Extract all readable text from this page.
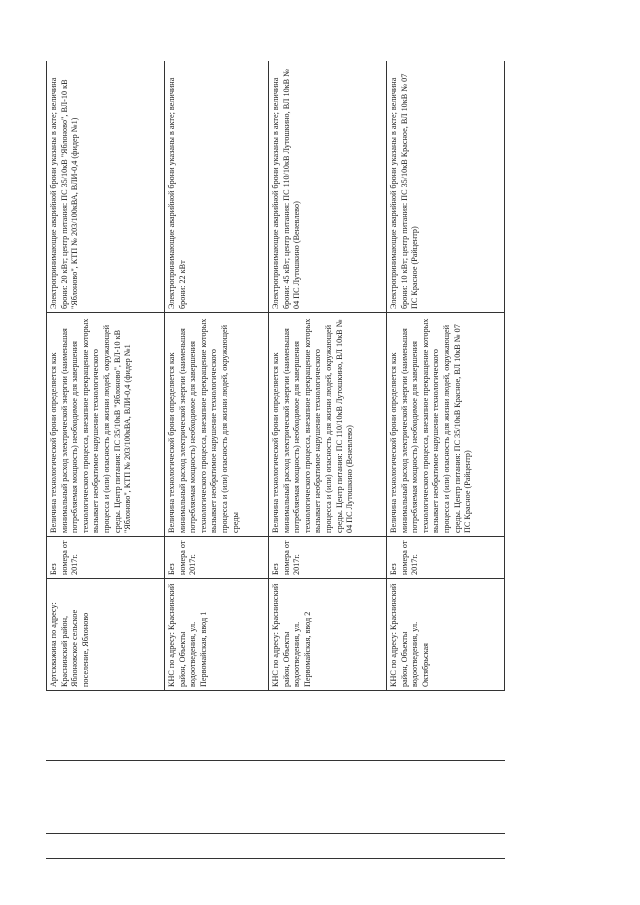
Артскважина по адресу: Краснинский район, Яблоновское сельское поселение, Яблоново	Без номера от 2017г.	Величина технологической брони определяется как минимальный расход электрической энергии (наименьшая потребляемая мощность) необходимое для завершения технологического процесса, внезапное прекращение которых вызывает необратимое нарушение технологического процесса и (или) опасность для жизни людей, окружающей среды. Центр питания: ПС 35/10кВ "Яблоново", ВЛ-10 кВ "Яблоново", КТП № 203/100кВА, ВЛИ-0,4 (фидер №1	Электропринимающие аварийной брони указаны в акте; величина брони: 20 кВт; центр питания: ПС 35/10кВ "Яблоново", ВЛ-10 кВ "Яблоново", КТП № 203/100кВА, ВЛИ-0,4 (фидер №1)
КНС по адресу: Краснинский район, Объекты водоотведения, ул. Первомайская, ввод 1	Без номера от 2017г.	Величина технологической брони определяется как минимальный расход электрической энергии (наименьшая потребляемая мощность) необходимое для завершения технологического процесса, внезапное прекращение которых вызывает необратимое нарушение технологического процесса и (или) опасность для жизни людей, окружающей среды	Электропринимающие аварийной брони указаны в акте; величина брони: 22 кВт
КНС по адресу: Краснинский район, Объекты водоотведения, ул. Первомайская, ввод 2	Без номера от 2017г.	Величина технологической брони определяется как минимальный расход электрической энергии (наименьшая потребляемая мощность) необходимое для завершения технологического процесса, внезапное прекращение которых вызывает необратимое нарушение технологического процесса и (или) опасность для жизни людей, окружающей среды. Центр питания: ПС 110/10кВ Лутошкино, ВЛ 10кВ № 04 ПС Лутошкино (Веневлево)	Электропринимающие аварийной брони указаны в акте; величина брони: 45 кВт; центр питания: ПС 110/10кВ Лутошкино, ВЛ 10кВ № 04 ПС Лутошкино (Веневлево)
КНС по адресу: Краснинский район, Объекты водоотведения, ул. Октябрьская	Без номера от 2017г.	Величина технологической брони определяется как минимальный расход электрической энергии (наименьшая потребляемая мощность) необходимое для завершения технологического процесса, внезапное прекращение которых вызывает необратимое нарушение технологического процесса и (или) опасность для жизни людей, окружающей среды. Центр питания: ПС 35/10кВ Красное, ВЛ 10кВ № 07 ПС Красное (Райцентр)	Электропринимающие аварийной брони указаны в акте; величина брони: 10 кВт; центр питания: ПС 35/10кВ Красное, ВЛ 10кВ № 07 ПС Красное (Райцентр)
